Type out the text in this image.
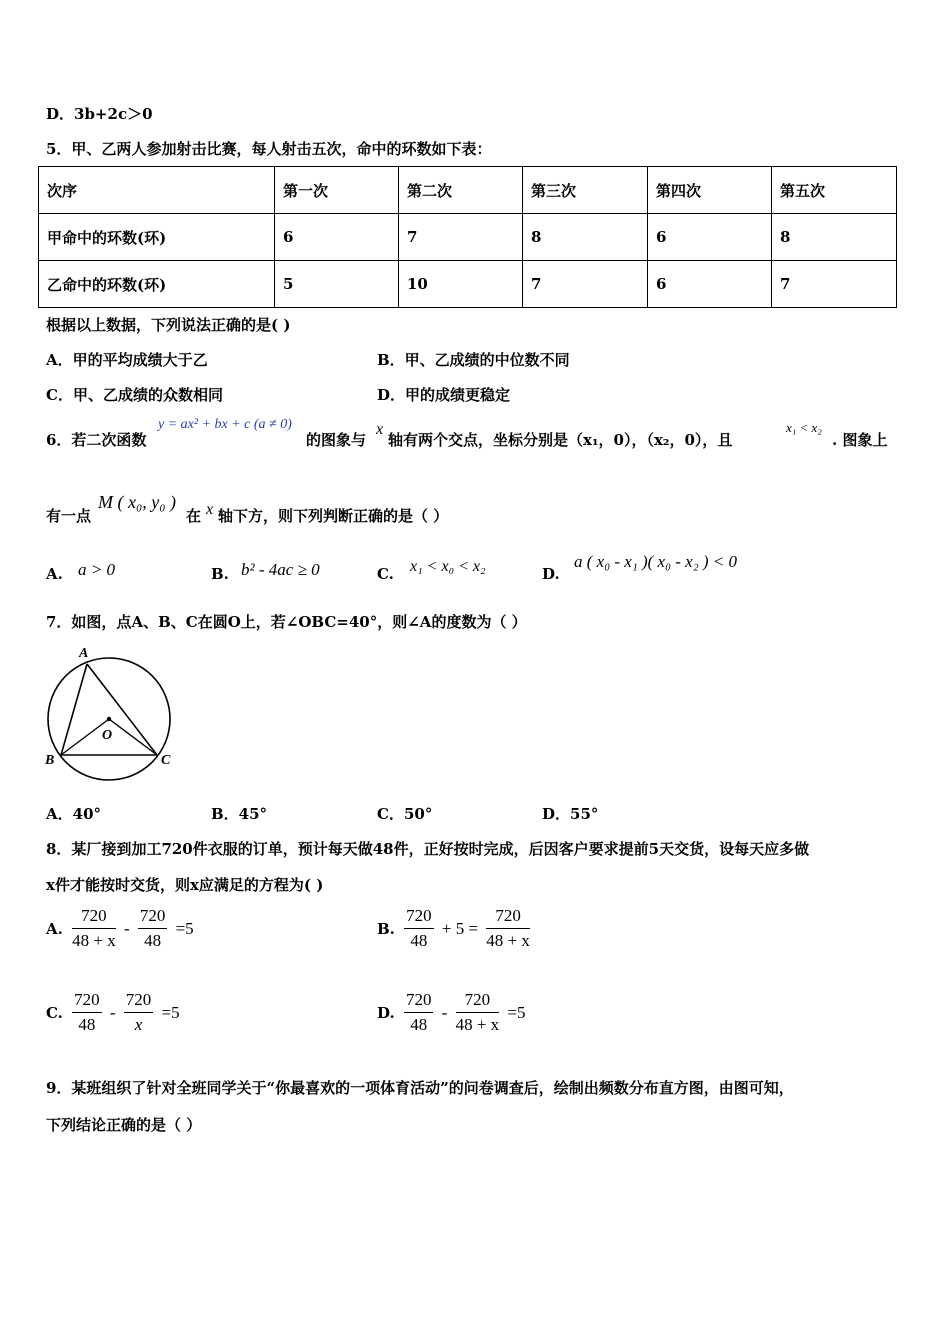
D．3b+2c＞0
5．甲、乙两人参加射击比赛，每人射击五次，命中的环数如下表：
次序	第一次	第二次	第三次	第四次	第五次
甲命中的环数(环)	6	7	8	6	8
乙命中的环数(环)	5	10	7	6	7
根据以上数据，下列说法正确的是( )
A．甲的平均成绩大于乙	B．甲、乙成绩的中位数不同
C．甲、乙成绩的众数相同	D．甲的成绩更稳定
6．若二次函数
y = ax² + bx + c (a ≠ 0)
的图象与
x
轴有两个交点，坐标分别是（x₁，0），（x₂，0），且
x₁ < x₂
. 图象上
有一点
M ( x₀, y₀ )
在 x 轴下方，则下列判断正确的是（ ）
A. a > 0	B. b² - 4ac ≥ 0	C. x₁ < x₀ < x₂	D.
a ( x₀ - x₁ )( x₀ - x₂ ) < 0
7．如图，点A、B、C在圆O上，若∠OBC=40°，则∠A的度数为（ ）
A
B	C
O
A．40°	B．45°	C．50°	D．55°
8．某厂接到加工720件衣服的订单，预计每天做48件，正好按时完成，后因客户要求提前5天交货，设每天应多做
x件才能按时交货，则x应满足的方程为( )
A. $\frac{720}{48 + x} - \frac{720}{48} =5$	B. $\frac{720}{48} + 5 = \frac{720}{48 + x}$
C. $\frac{720}{48} - \frac{720}{x} =5$	D. $\frac{720}{48} - \frac{720}{48 + x} =5$
9．某班组织了针对全班同学关于“你最喜欢的一项体育活动”的问卷调查后，绘制出频数分布直方图，由图可知，
下列结论正确的是（ ）
